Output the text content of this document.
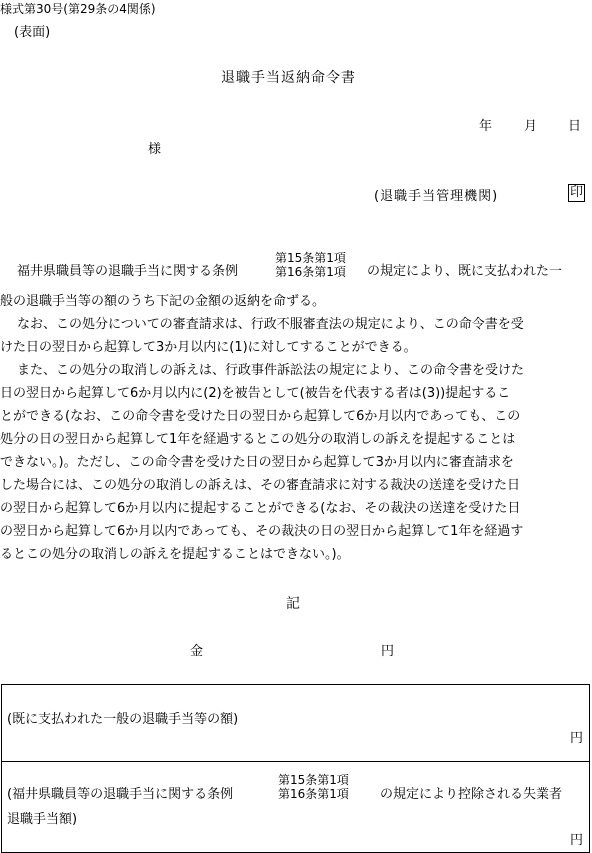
様式第30号(第29条の4関係)
(表面)
退職手当返納命令書
年 月 日
様
(退職手当管理機関)	印
福井県職員等の退職手当に関する条例
第15条第1項
第16条第1項 の規定により、既に支払われた一
般の退職手当等の額のうち下記の金額の返納を命ずる。
なお、この処分についての審査請求は、行政不服審査法の規定により、この命令書を受
けた日の翌日から起算して3か月以内に(1)に対してすることができる。
また、この処分の取消しの訴えは、行政事件訴訟法の規定により、この命令書を受けた
日の翌日から起算して6か月以内に(2)を被告として(被告を代表する者は(3))提起するこ
とができる(なお、この命令書を受けた日の翌日から起算して6か月以内であっても、この
処分の日の翌日から起算して1年を経過するとこの処分の取消しの訴えを提起することは
できない。)。ただし、この命令書を受けた日の翌日から起算して3か月以内に審査請求を
した場合には、この処分の取消しの訴えは、その審査請求に対する裁決の送達を受けた日
の翌日から起算して6か月以内に提起することができる(なお、その裁決の送達を受けた日
の翌日から起算して6か月以内であっても、その裁決の日の翌日から起算して1年を経過す
るとこの処分の取消しの訴えを提起することはできない。)。
記
金	円
(既に支払われた一般の退職手当等の額)
円
(福井県職員等の退職手当に関する条例
第15条第1項
第16条第1項 の規定により控除される失業者
退職手当額)
円
